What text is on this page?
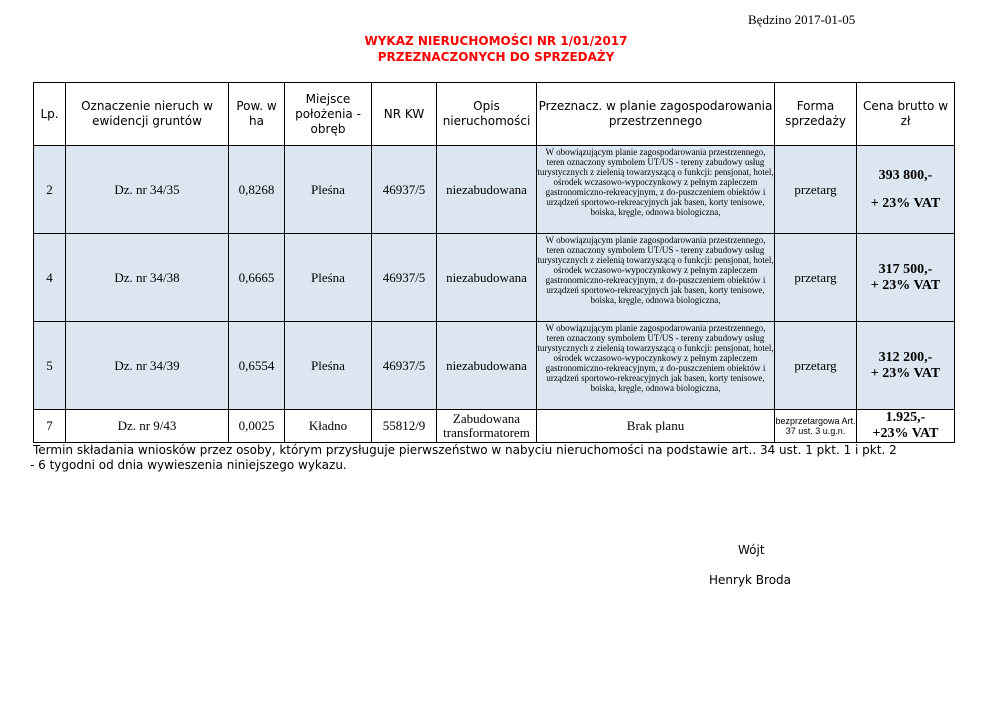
Będzino 2017-01-05
WYKAZ NIERUCHOMOŚCI NR 1/01/2017
PRZEZNACZONYCH DO SPRZEDAŻY
Lp.	Oznaczenie nieruch w ewidencji gruntów	Pow. w ha	Miejsce położenia - obręb	NR KW	Opis nieruchomości	Przeznacz. w planie zagospodarowania przestrzennego	Forma sprzedaży	Cena brutto w zł
2	Dz. nr 34/35	0,8268	Pleśna	46937/5	niezabudowana	W obowiązującym planie zagospodarowania przestrzennego, teren oznaczony symbolem UT/US - tereny zabudowy usług turystycznych z zielenią towarzyszącą o funkcji: pensjonat, hotel, ośrodek wczasowo-wypoczynkowy z pełnym zapleczem gastronomiczno-rekreacyjnym, z do-puszczeniem obiektów i urządzeń sportowo-rekreacyjnych jak basen, korty tenisowe, boiska, kręgle, odnowa biologiczna,	przetarg	393 800,-
+ 23% VAT

4	Dz. nr 34/38	0,6665	Pleśna	46937/5	niezabudowana	W obowiązującym planie zagospodarowania przestrzennego, teren oznaczony symbolem UT/US - tereny zabudowy usług turystycznych z zielenią towarzyszącą o funkcji: pensjonat, hotel, ośrodek wczasowo-wypoczynkowy z pełnym zapleczem gastronomiczno-rekreacyjnym, z do-puszczeniem obiektów i urządzeń sportowo-rekreacyjnych jak basen, korty tenisowe, boiska, kręgle, odnowa biologiczna,	przetarg	317 500,-
+ 23% VAT

5	Dz. nr 34/39	0,6554	Pleśna	46937/5	niezabudowana	W obowiązującym planie zagospodarowania przestrzennego, teren oznaczony symbolem UT/US - tereny zabudowy usług turystycznych z zielenią towarzyszącą o funkcji: pensjonat, hotel, ośrodek wczasowo-wypoczynkowy z pełnym zapleczem gastronomiczno-rekreacyjnym, z do-puszczeniem obiektów i urządzeń sportowo-rekreacyjnych jak basen, korty tenisowe, boiska, kręgle, odnowa biologiczna,	przetarg	312 200,-
+ 23% VAT

7	Dz. nr 9/43	0,0025	Kładno	55812/9	Zabudowana transformatorem	Brak planu	bezprzetargowa Art. 37 ust. 3 u.g.n.	1.925,-
+23% VAT
Termin składania wniosków przez osoby, którym przysługuje pierwszeństwo w nabyciu nieruchomości na podstawie art.. 34 ust. 1 pkt. 1 i pkt. 2
- 6 tygodni od dnia wywieszenia niniejszego wykazu.
Wójt
Henryk Broda
